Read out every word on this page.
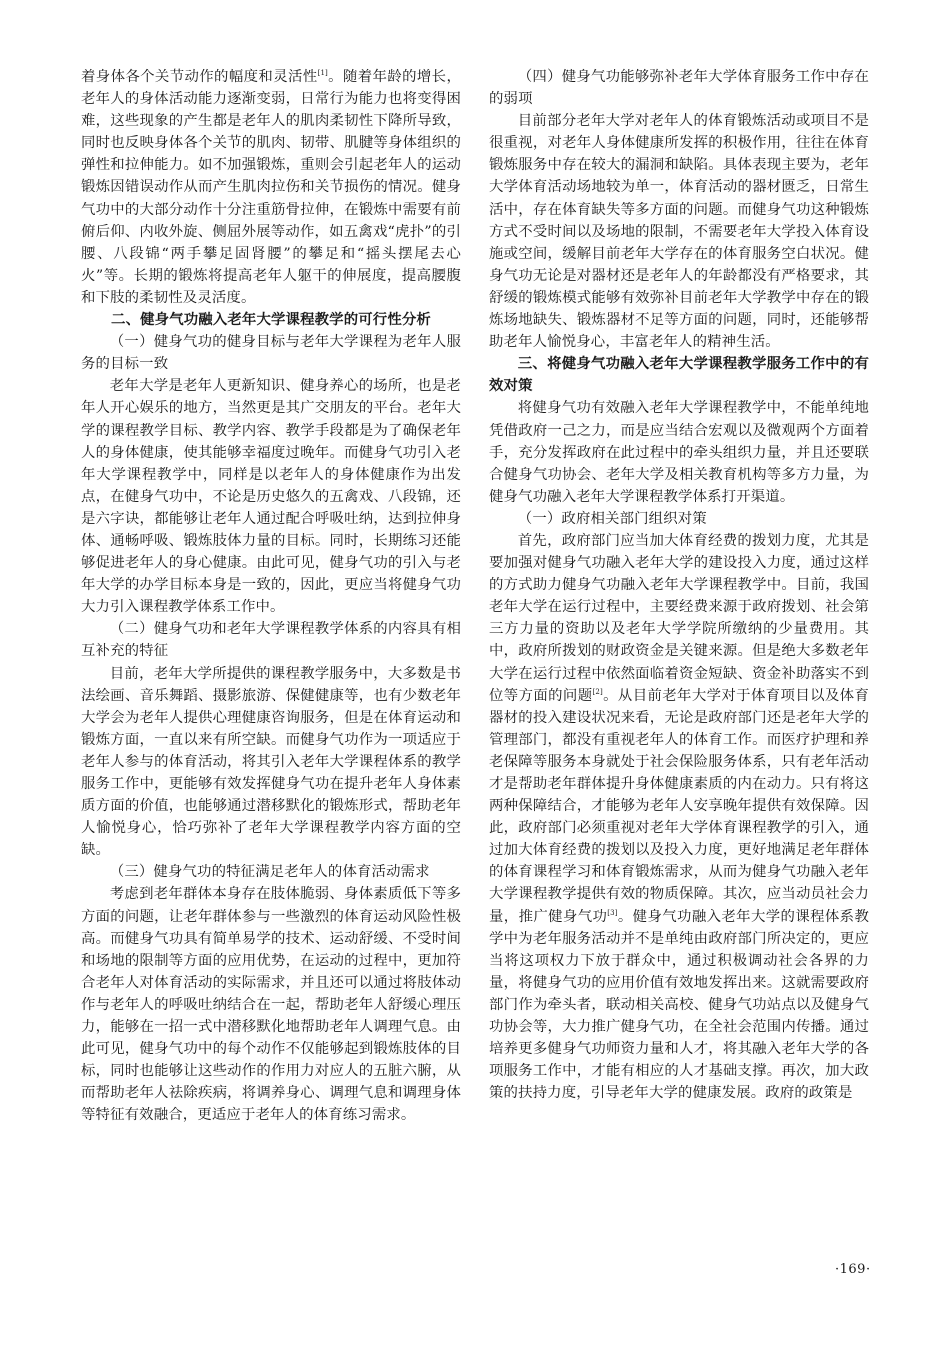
着身体各个关节动作的幅度和灵活性[1]。随着年龄的增长，老年人的身体活动能力逐渐变弱，日常行为能力也将变得困难，这些现象的产生都是老年人的肌肉柔韧性下降所导致，同时也反映身体各个关节的肌肉、韧带、肌腱等身体组织的弹性和拉伸能力。如不加强锻炼，重则会引起老年人的运动锻炼因错误动作从而产生肌肉拉伤和关节损伤的情况。健身气功中的大部分动作十分注重筋骨拉伸，在锻炼中需要有前俯后仰、内收外旋、侧屈外展等动作，如五禽戏“虎扑”的引腰、八段锦“两手攀足固肾腰”的攀足和“摇头摆尾去心火”等。长期的锻炼将提高老年人躯干的伸展度，提高腰腹和下肢的柔韧性及灵活度。

二、健身气功融入老年大学课程教学的可行性分析

（一）健身气功的健身目标与老年大学课程为老年人服务的目标一致

老年大学是老年人更新知识、健身养心的场所，也是老年人开心娱乐的地方，当然更是其广交朋友的平台。老年大学的课程教学目标、教学内容、教学手段都是为了确保老年人的身体健康，使其能够幸福度过晚年。而健身气功引入老年大学课程教学中，同样是以老年人的身体健康作为出发点，在健身气功中，不论是历史悠久的五禽戏、八段锦，还是六字诀，都能够让老年人通过配合呼吸吐纳，达到拉伸身体、通畅呼吸、锻炼肢体力量的目标。同时，长期练习还能够促进老年人的身心健康。由此可见，健身气功的引入与老年大学的办学目标本身是一致的，因此，更应当将健身气功大力引入课程教学体系工作中。

（二）健身气功和老年大学课程教学体系的内容具有相互补充的特征

目前，老年大学所提供的课程教学服务中，大多数是书法绘画、音乐舞蹈、摄影旅游、保健健康等，也有少数老年大学会为老年人提供心理健康咨询服务，但是在体育运动和锻炼方面，一直以来有所空缺。而健身气功作为一项适应于老年人参与的体育活动，将其引入老年大学课程体系的教学服务工作中，更能够有效发挥健身气功在提升老年人身体素质方面的价值，也能够通过潜移默化的锻炼形式，帮助老年人愉悦身心，恰巧弥补了老年大学课程教学内容方面的空缺。

（三）健身气功的特征满足老年人的体育活动需求

考虑到老年群体本身存在肢体脆弱、身体素质低下等多方面的问题，让老年群体参与一些激烈的体育运动风险性极高。而健身气功具有简单易学的技术、运动舒缓、不受时间和场地的限制等方面的应用优势，在运动的过程中，更加符合老年人对体育活动的实际需求，并且还可以通过将肢体动作与老年人的呼吸吐纳结合在一起，帮助老年人舒缓心理压力，能够在一招一式中潜移默化地帮助老年人调理气息。由此可见，健身气功中的每个动作不仅能够起到锻炼肢体的目标，同时也能够让这些动作的作用力对应人的五脏六腑，从而帮助老年人祛除疾病，将调养身心、调理气息和调理身体等特征有效融合，更适应于老年人的体育练习需求。

（四）健身气功能够弥补老年大学体育服务工作中存在的弱项

目前部分老年大学对老年人的体育锻炼活动或项目不是很重视，对老年人身体健康所发挥的积极作用，往往在体育锻炼服务中存在较大的漏洞和缺陷。具体表现主要为，老年大学体育活动场地较为单一，体育活动的器材匮乏，日常生活中，存在体育缺失等多方面的问题。而健身气功这种锻炼方式不受时间以及场地的限制，不需要老年大学投入体育设施或空间，缓解目前老年大学存在的体育服务空白状况。健身气功无论是对器材还是老年人的年龄都没有严格要求，其舒缓的锻炼模式能够有效弥补目前老年大学教学中存在的锻炼场地缺失、锻炼器材不足等方面的问题，同时，还能够帮助老年人愉悦身心，丰富老年人的精神生活。

三、将健身气功融入老年大学课程教学服务工作中的有效对策

将健身气功有效融入老年大学课程教学中，不能单纯地凭借政府一己之力，而是应当结合宏观以及微观两个方面着手，充分发挥政府在此过程中的牵头组织力量，并且还要联合健身气功协会、老年大学及相关教育机构等多方力量，为健身气功融入老年大学课程教学体系打开渠道。

（一）政府相关部门组织对策

首先，政府部门应当加大体育经费的拨划力度，尤其是要加强对健身气功融入老年大学的建设投入力度，通过这样的方式助力健身气功融入老年大学课程教学中。目前，我国老年大学在运行过程中，主要经费来源于政府拨划、社会第三方力量的资助以及老年大学学院所缴纳的少量费用。其中，政府所拨划的财政资金是关键来源。但是绝大多数老年大学在运行过程中依然面临着资金短缺、资金补助落实不到位等方面的问题[2]。从目前老年大学对于体育项目以及体育器材的投入建设状况来看，无论是政府部门还是老年大学的管理部门，都没有重视老年人的体育工作。而医疗护理和养老保障等服务本身就处于社会保险服务体系，只有老年活动才是帮助老年群体提升身体健康素质的内在动力。只有将这两种保障结合，才能够为老年人安享晚年提供有效保障。因此，政府部门必须重视对老年大学体育课程教学的引入，通过加大体育经费的拨划以及投入力度，更好地满足老年群体的体育课程学习和体育锻炼需求，从而为健身气功融入老年大学课程教学提供有效的物质保障。其次，应当动员社会力量，推广健身气功[3]。健身气功融入老年大学的课程体系教学中为老年服务活动并不是单纯由政府部门所决定的，更应当将这项权力下放于群众中，通过积极调动社会各界的力量，将健身气功的应用价值有效地发挥出来。这就需要政府部门作为牵头者，联动相关高校、健身气功站点以及健身气功协会等，大力推广健身气功，在全社会范围内传播。通过培养更多健身气功师资力量和人才，将其融入老年大学的各项服务工作中，才能有相应的人才基础支撑。再次，加大政策的扶持力度，引导老年大学的健康发展。政府的政策是

·169·
